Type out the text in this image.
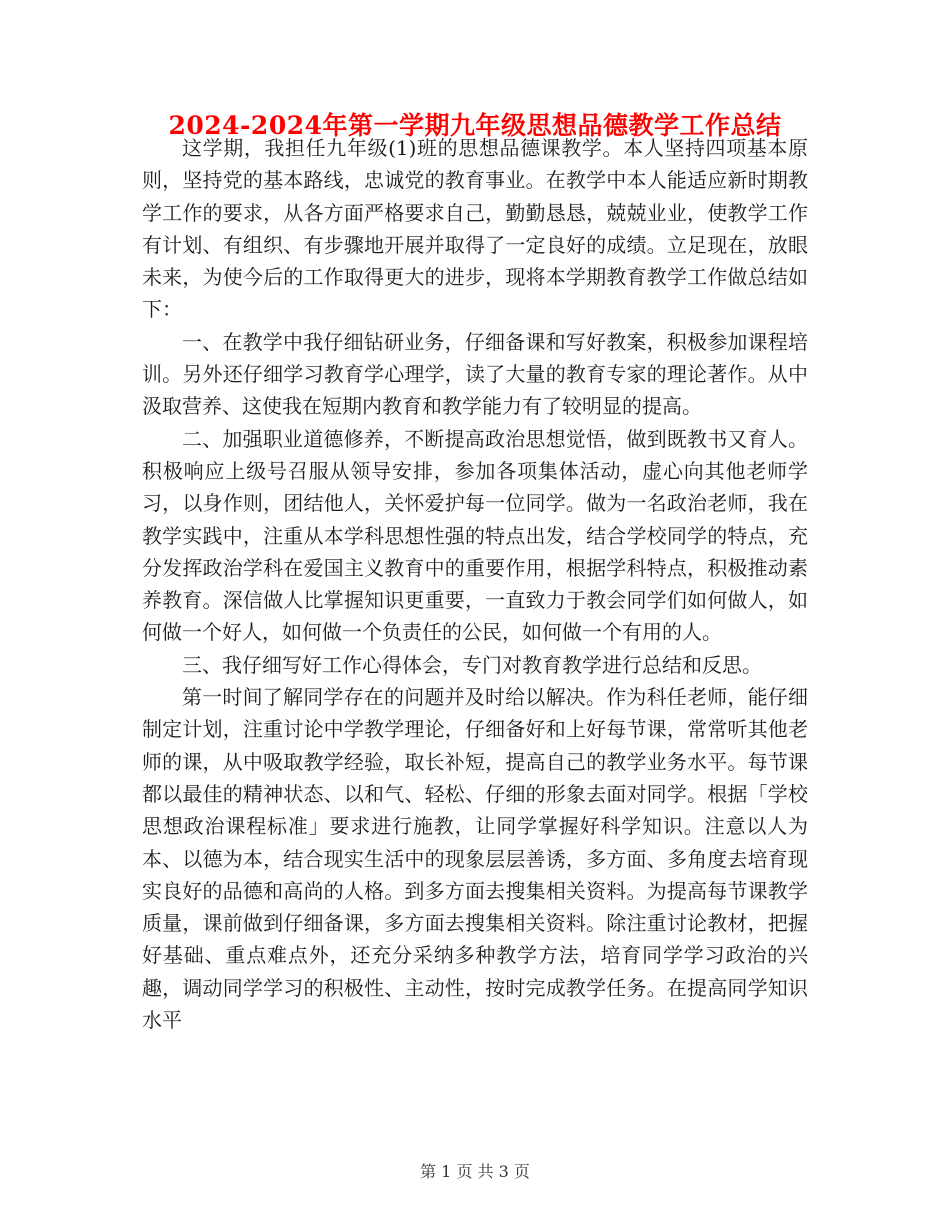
2024-2024年第一学期九年级思想品德教学工作总结

这学期，我担任九年级(1)班的思想品德课教学。本人坚持四项基本原则，坚持党的基本路线，忠诚党的教育事业。在教学中本人能适应新时期教学工作的要求，从各方面严格要求自己，勤勤恳恳，兢兢业业，使教学工作有计划、有组织、有步骤地开展并取得了一定良好的成绩。立足现在，放眼未来，为使今后的工作取得更大的进步，现将本学期教育教学工作做总结如下：

一、在教学中我仔细钻研业务，仔细备课和写好教案，积极参加课程培训。另外还仔细学习教育学心理学，读了大量的教育专家的理论著作。从中汲取营养、这使我在短期内教育和教学能力有了较明显的提高。

二、加强职业道德修养，不断提高政治思想觉悟，做到既教书又育人。积极响应上级号召服从领导安排，参加各项集体活动，虚心向其他老师学习，以身作则，团结他人，关怀爱护每一位同学。做为一名政治老师，我在教学实践中，注重从本学科思想性强的特点出发，结合学校同学的特点，充分发挥政治学科在爱国主义教育中的重要作用，根据学科特点，积极推动素养教育。深信做人比掌握知识更重要，一直致力于教会同学们如何做人，如何做一个好人，如何做一个负责任的公民，如何做一个有用的人。

三、我仔细写好工作心得体会，专门对教育教学进行总结和反思。

第一时间了解同学存在的问题并及时给以解决。作为科任老师，能仔细制定计划，注重讨论中学教学理论，仔细备好和上好每节课，常常听其他老师的课，从中吸取教学经验，取长补短，提高自己的教学业务水平。每节课都以最佳的精神状态、以和气、轻松、仔细的形象去面对同学。根据「学校思想政治课程标准」要求进行施教，让同学掌握好科学知识。注意以人为本、以德为本，结合现实生活中的现象层层善诱，多方面、多角度去培育现实良好的品德和高尚的人格。到多方面去搜集相关资料。为提高每节课教学质量，课前做到仔细备课，多方面去搜集相关资料。除注重讨论教材，把握好基础、重点难点外，还充分采纳多种教学方法，培育同学学习政治的兴趣，调动同学学习的积极性、主动性，按时完成教学任务。在提高同学知识水平

第 1 页 共 3 页
